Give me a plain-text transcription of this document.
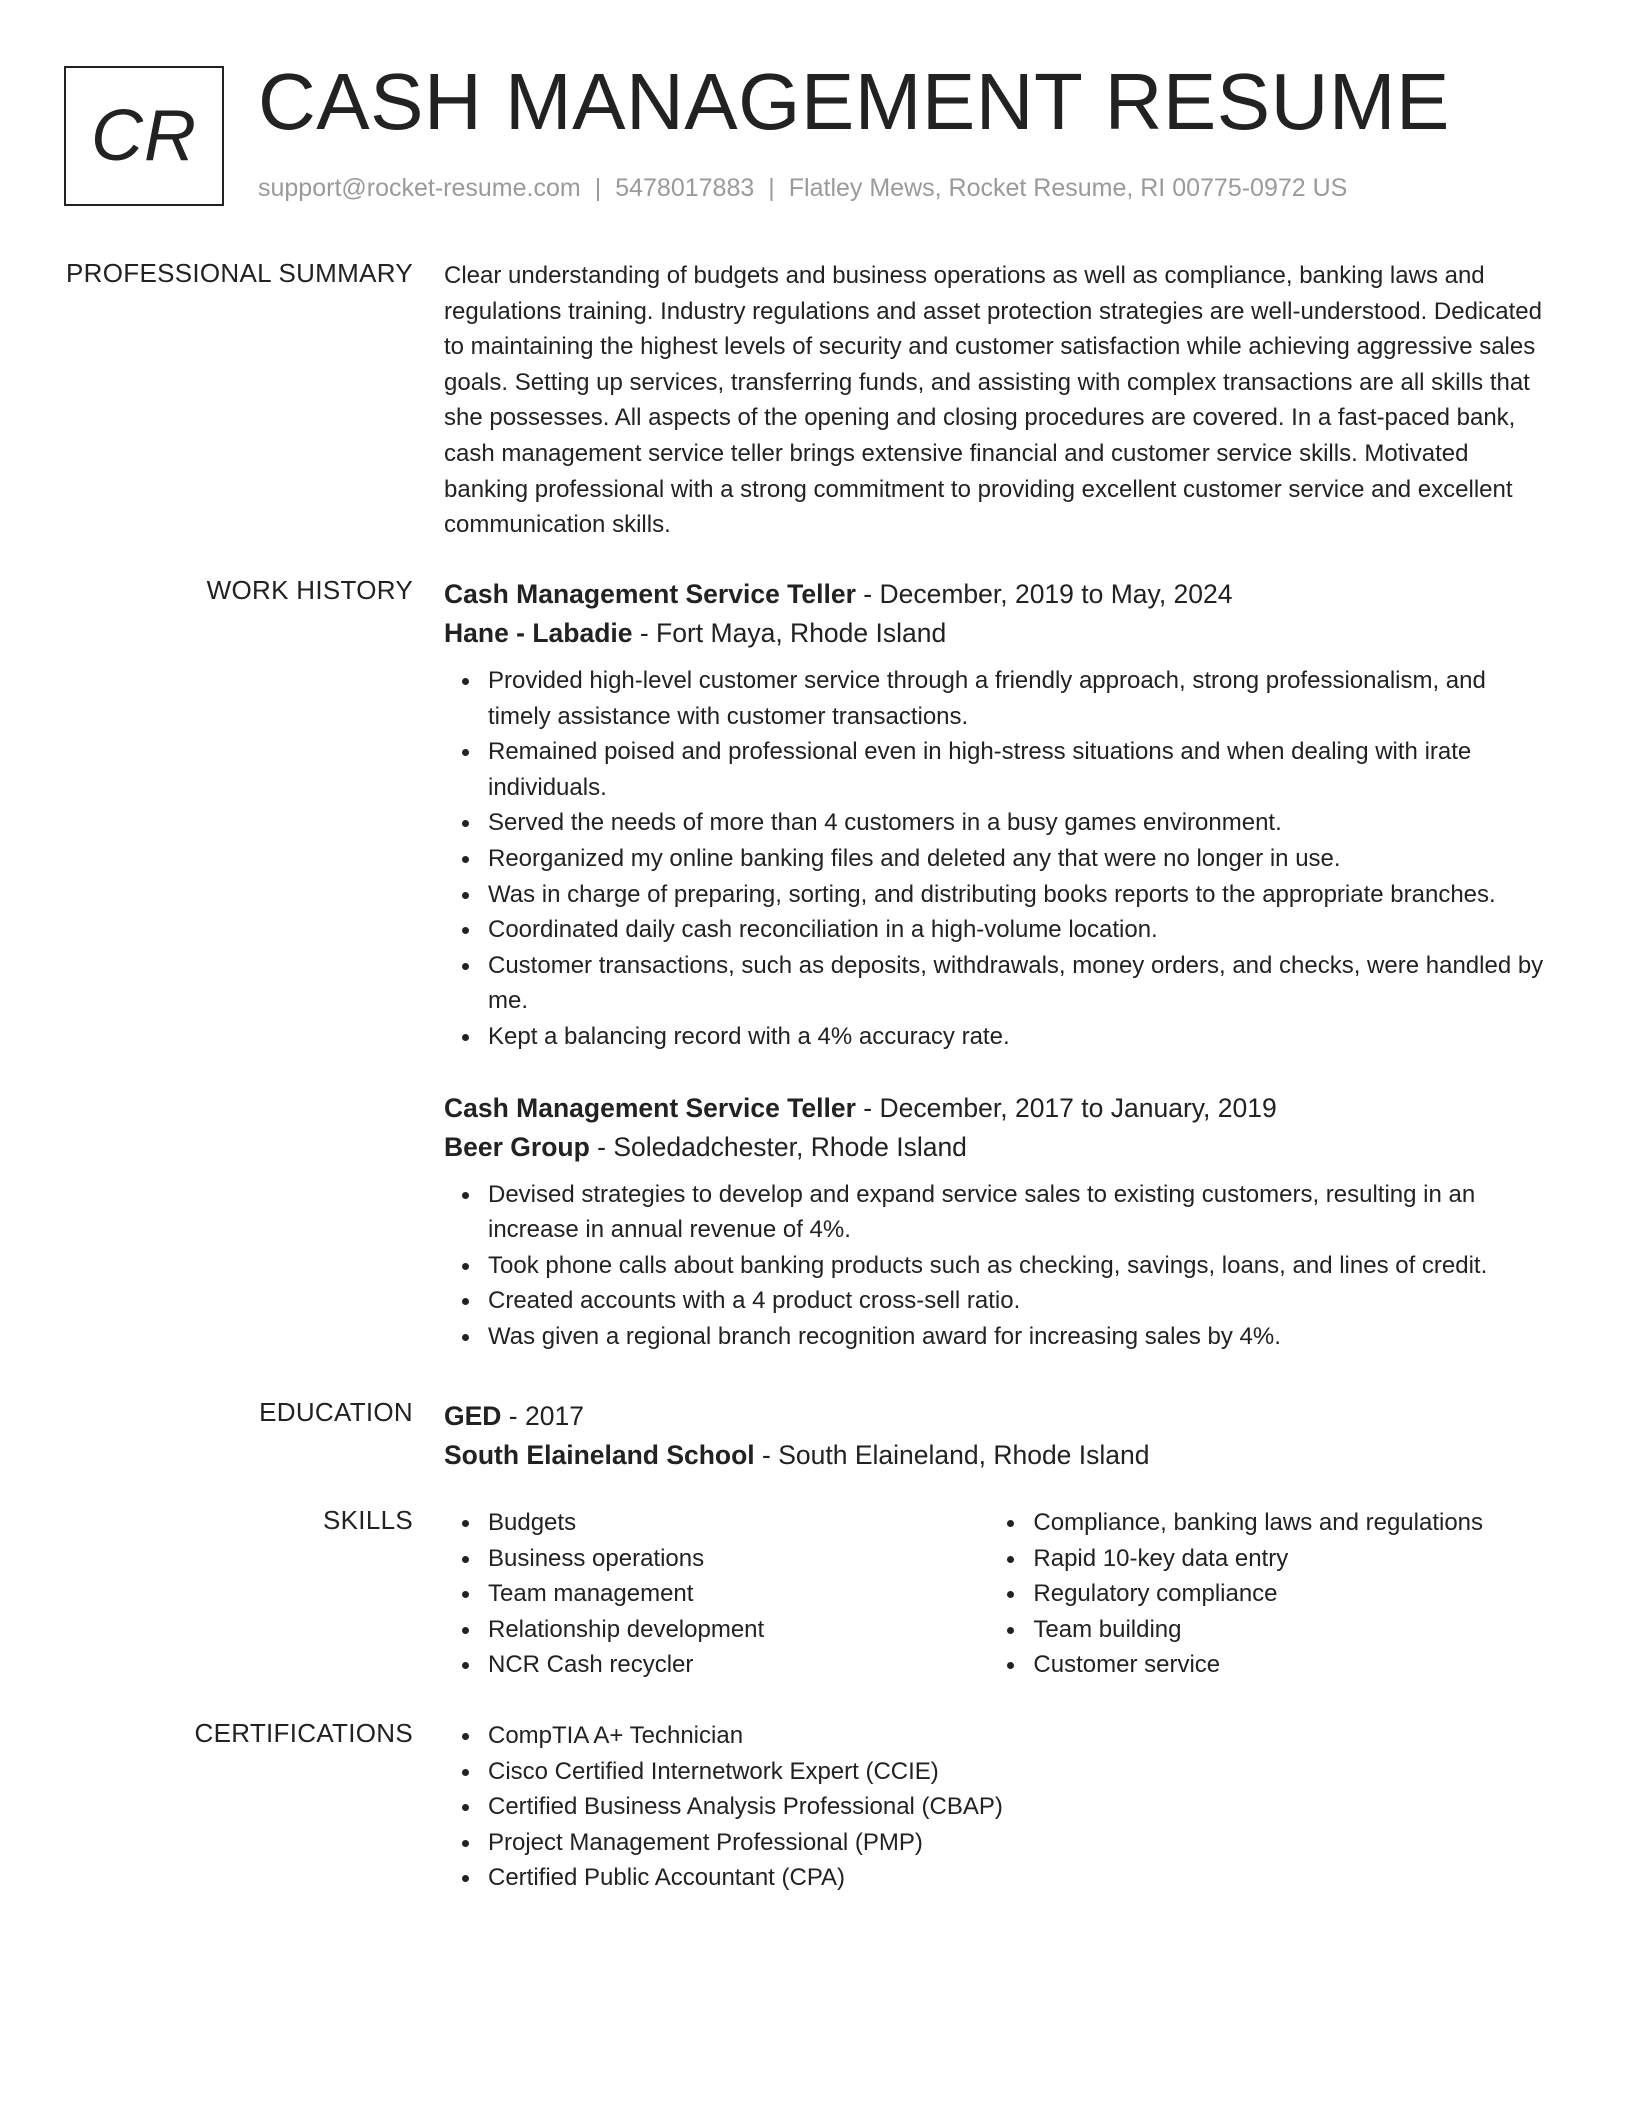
CR CASH MANAGEMENT RESUME
support@rocket-resume.com | 5478017883 | Flatley Mews, Rocket Resume, RI 00775-0972 US
PROFESSIONAL SUMMARY Clear understanding of budgets and business operations as well as compliance, banking laws and regulations training. Industry regulations and asset protection strategies are well-understood. Dedicated to maintaining the highest levels of security and customer satisfaction while achieving aggressive sales goals. Setting up services, transferring funds, and assisting with complex transactions are all skills that she possesses. All aspects of the opening and closing procedures are covered. In a fast-paced bank, cash management service teller brings extensive financial and customer service skills. Motivated banking professional with a strong commitment to providing excellent customer service and excellent communication skills.

WORK HISTORY Cash Management Service Teller - December, 2019 to May, 2024
Hane - Labadie - Fort Maya, Rhode Island
Provided high-level customer service through a friendly approach, strong professionalism, and timely assistance with customer transactions.
Remained poised and professional even in high-stress situations and when dealing with irate individuals.
Served the needs of more than 4 customers in a busy games environment.
Reorganized my online banking files and deleted any that were no longer in use.
Was in charge of preparing, sorting, and distributing books reports to the appropriate branches.
Coordinated daily cash reconciliation in a high-volume location.
Customer transactions, such as deposits, withdrawals, money orders, and checks, were handled by me.
Kept a balancing record with a 4% accuracy rate.
Cash Management Service Teller - December, 2017 to January, 2019
Beer Group - Soledadchester, Rhode Island
Devised strategies to develop and expand service sales to existing customers, resulting in an increase in annual revenue of 4%.
Took phone calls about banking products such as checking, savings, loans, and lines of credit.
Created accounts with a 4 product cross-sell ratio.
Was given a regional branch recognition award for increasing sales by 4%.
EDUCATION GED - 2017
South Elaineland School - South Elaineland, Rhode Island
SKILLS	Budgets
Business operations
Team management
Relationship development
NCR Cash recycler
Compliance, banking laws and regulations
Rapid 10-key data entry
Regulatory compliance
Team building
Customer service
CERTIFICATIONS	CompTIA A+ Technician
Cisco Certified Internetwork Expert (CCIE)
Certified Business Analysis Professional (CBAP)
Project Management Professional (PMP)
Certified Public Accountant (CPA)
